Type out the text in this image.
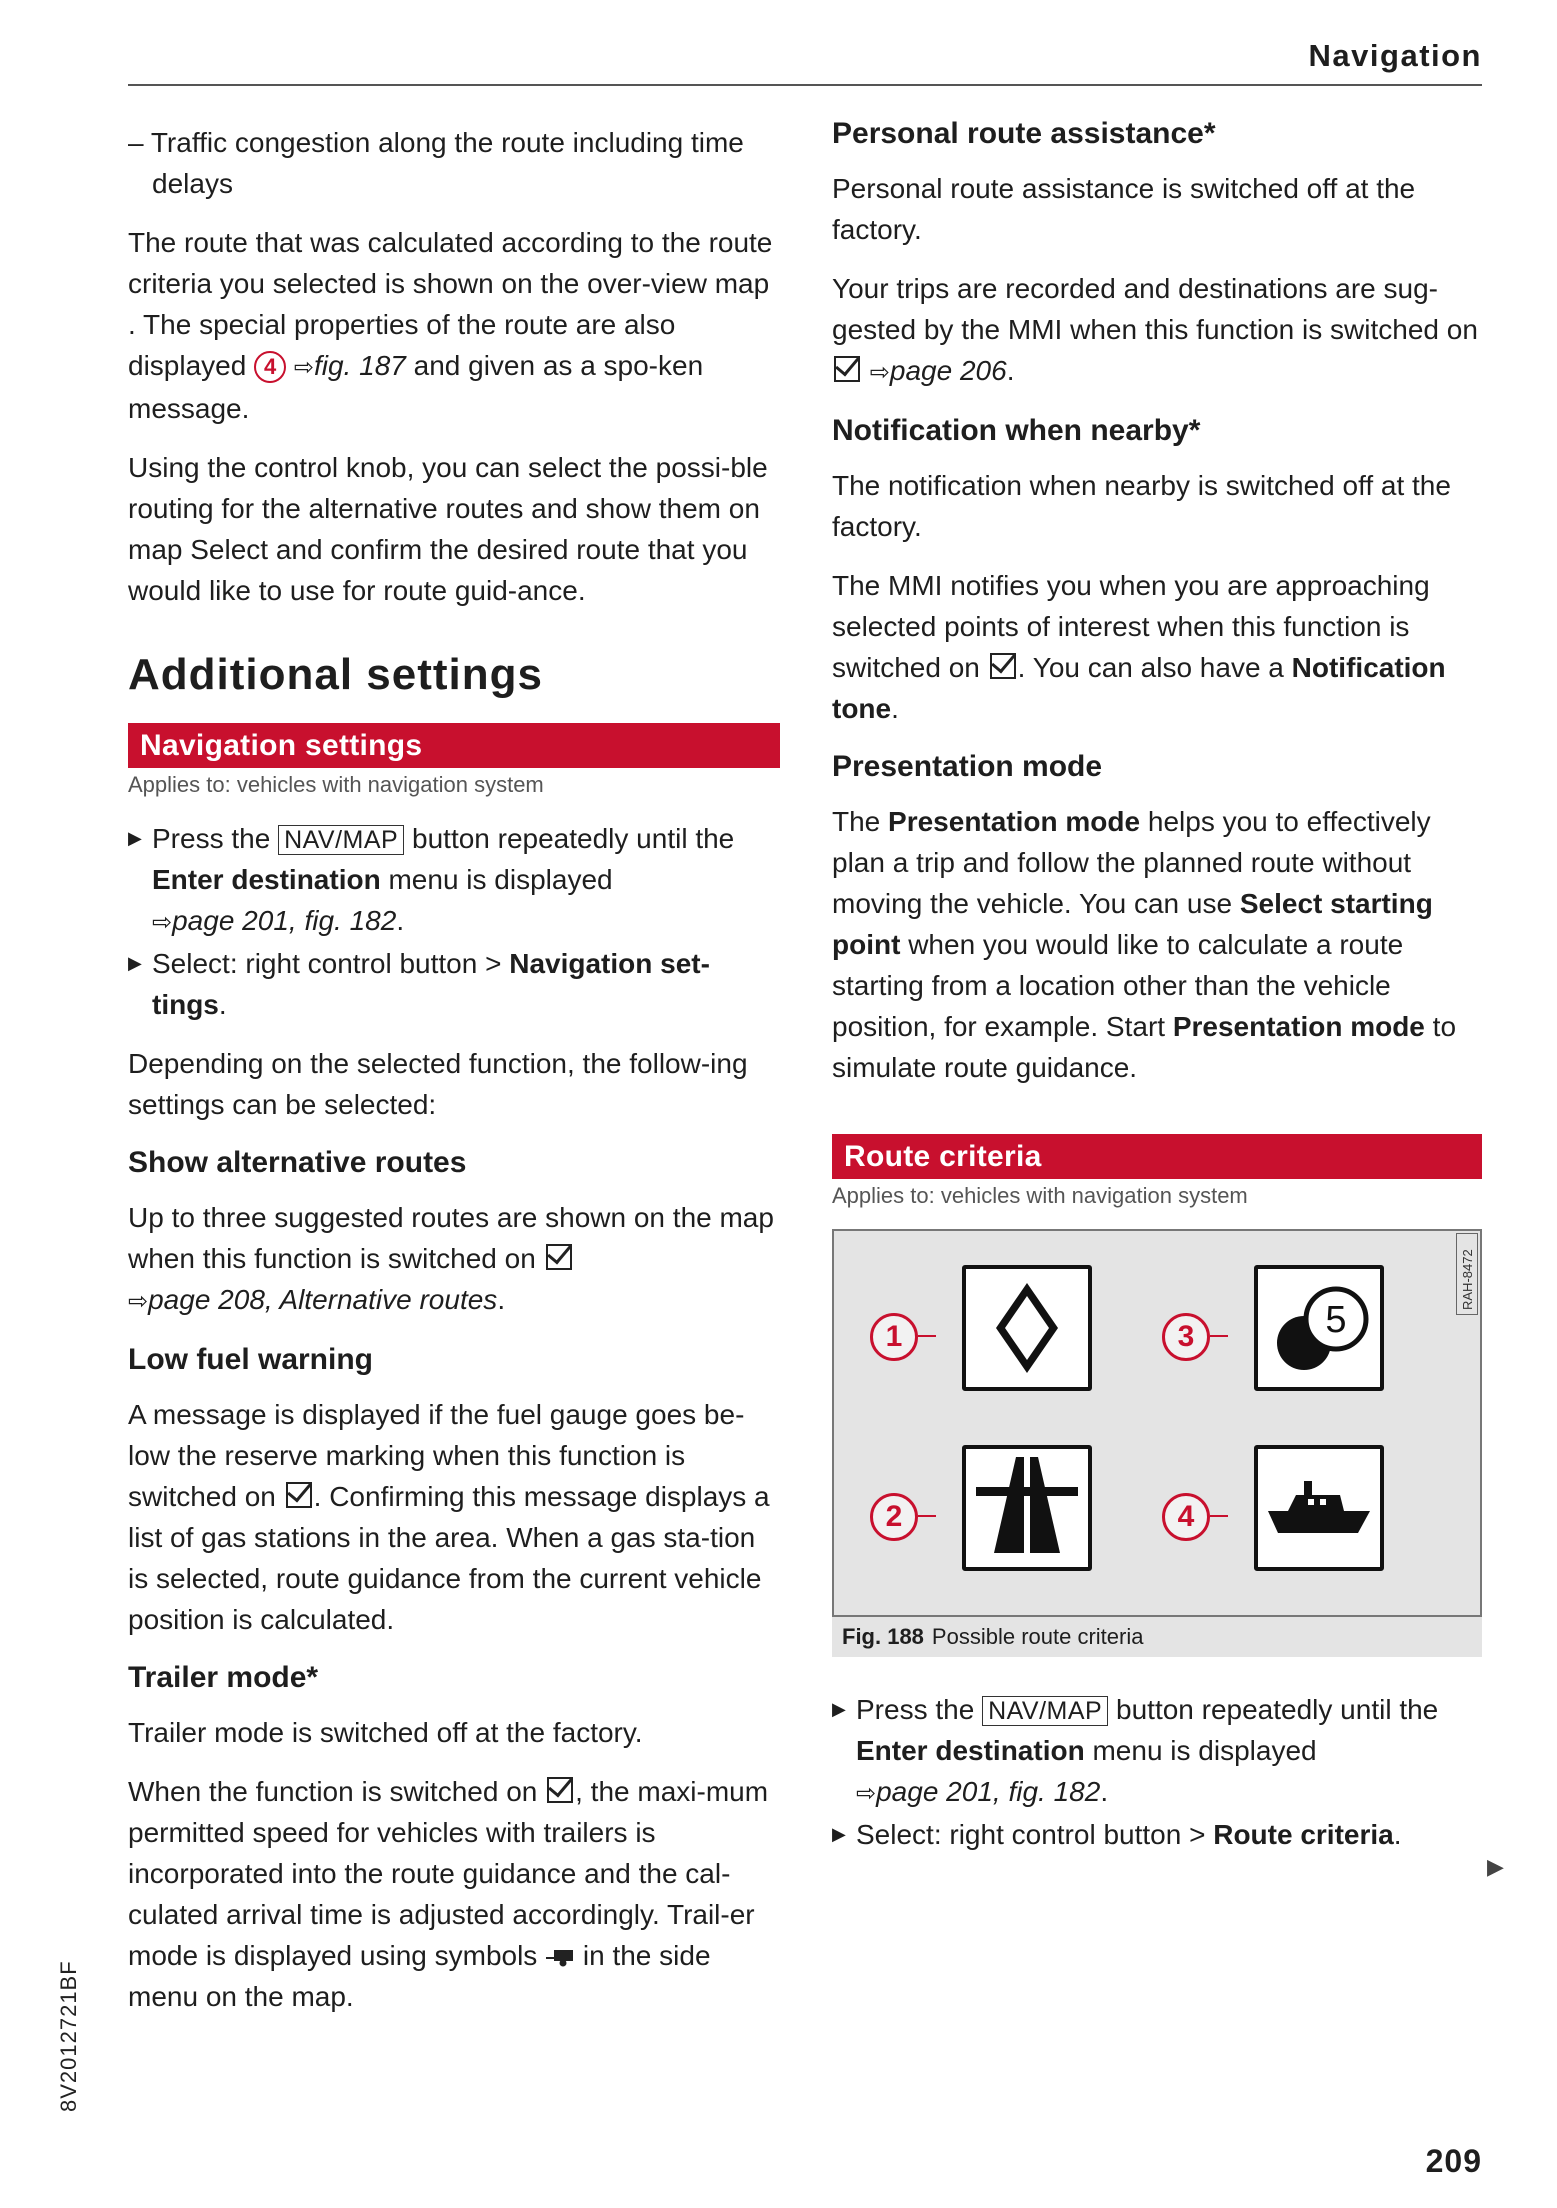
Navigation

– Traffic congestion along the route including time delays

The route that was calculated according to the route criteria you selected is shown on the over-view map . The special properties of the route are also displayed 4 ⇨fig. 187 and given as a spo-ken message.

Using the control knob, you can select the possi-ble routing for the alternative routes and show them on map Select and confirm the desired route that you would like to use for route guid-ance.

Additional settings
Navigation settings
Applies to: vehicles with navigation system

▶ Press the NAV/MAP button repeatedly until the Enter destination menu is displayed
⇨page 201, fig. 182.

▶ Select: right control button > Navigation set-tings.

Depending on the selected function, the follow-ing settings can be selected:

Show alternative routes

Up to three suggested routes are shown on the map when this function is switched on
⇨page 208, Alternative routes.

Low fuel warning

A message is displayed if the fuel gauge goes be-low the reserve marking when this function is switched on . Confirming this message displays a list of gas stations in the area. When a gas sta-tion is selected, route guidance from the current vehicle position is calculated.

Trailer mode*

Trailer mode is switched off at the factory.

When the function is switched on , the maxi-mum permitted speed for vehicles with trailers is incorporated into the route guidance and the cal-culated arrival time is adjusted accordingly. Trail-er mode is displayed using symbols in the side menu on the map.

Personal route assistance*

Personal route assistance is switched off at the factory.

Your trips are recorded and destinations are sug-gested by the MMI when this function is switched on  ⇨page 206.

Notification when nearby*

The notification when nearby is switched off at the factory.

The MMI notifies you when you are approaching selected points of interest when this function is switched on . You can also have a Notification tone.

Presentation mode

The Presentation mode helps you to effectively plan a trip and follow the planned route without moving the vehicle. You can use Select starting point when you would like to calculate a route starting from a location other than the vehicle position, for example. Start Presentation mode to simulate route guidance.

Route criteria
Applies to: vehicles with navigation system
RAH-8472
1	3	5
2	4
Fig. 188 Possible route criteria

▶ Press the NAV/MAP button repeatedly until the Enter destination menu is displayed
⇨page 201, fig. 182.

▶ Select: right control button > Route criteria.

▶
8V2012721BF
209
